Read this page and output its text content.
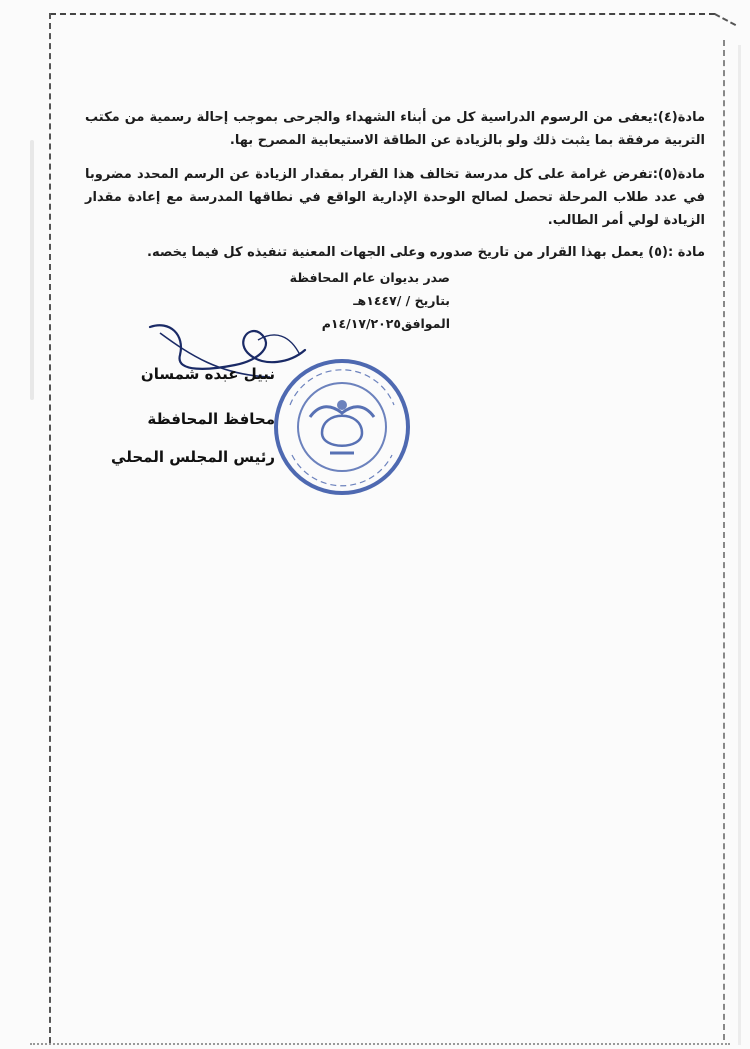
مادة(٤):يعفى من الرسوم الدراسية كل من أبناء الشهداء والجرحى بموجب إحالة رسمية من مكتب التربية مرفقة بما يثبت ذلك ولو بالزيادة عن الطاقة الاستيعابية المصرح بها.

مادة(٥):تفرض غرامة على كل مدرسة تخالف هذا القرار بمقدار الزيادة عن الرسم المحدد مضروبا في عدد طلاب المرحلة تحصل لصالح الوحدة الإدارية الواقع في نطاقها المدرسة مع إعادة مقدار الزيادة لولي أمر الطالب.

مادة :(٥) يعمل بهذا القرار من تاريخ صدوره وعلى الجهات المعنية تنفيذه كل فيما يخصه.

صدر بديوان عام المحافظة
بتاريخ / /١٤٤٧هـ
الموافق١٤/١٧/٢٠٢٥م
نبيل عبده شمسان
محافظ المحافظة
رئيس المجلس المحلي
